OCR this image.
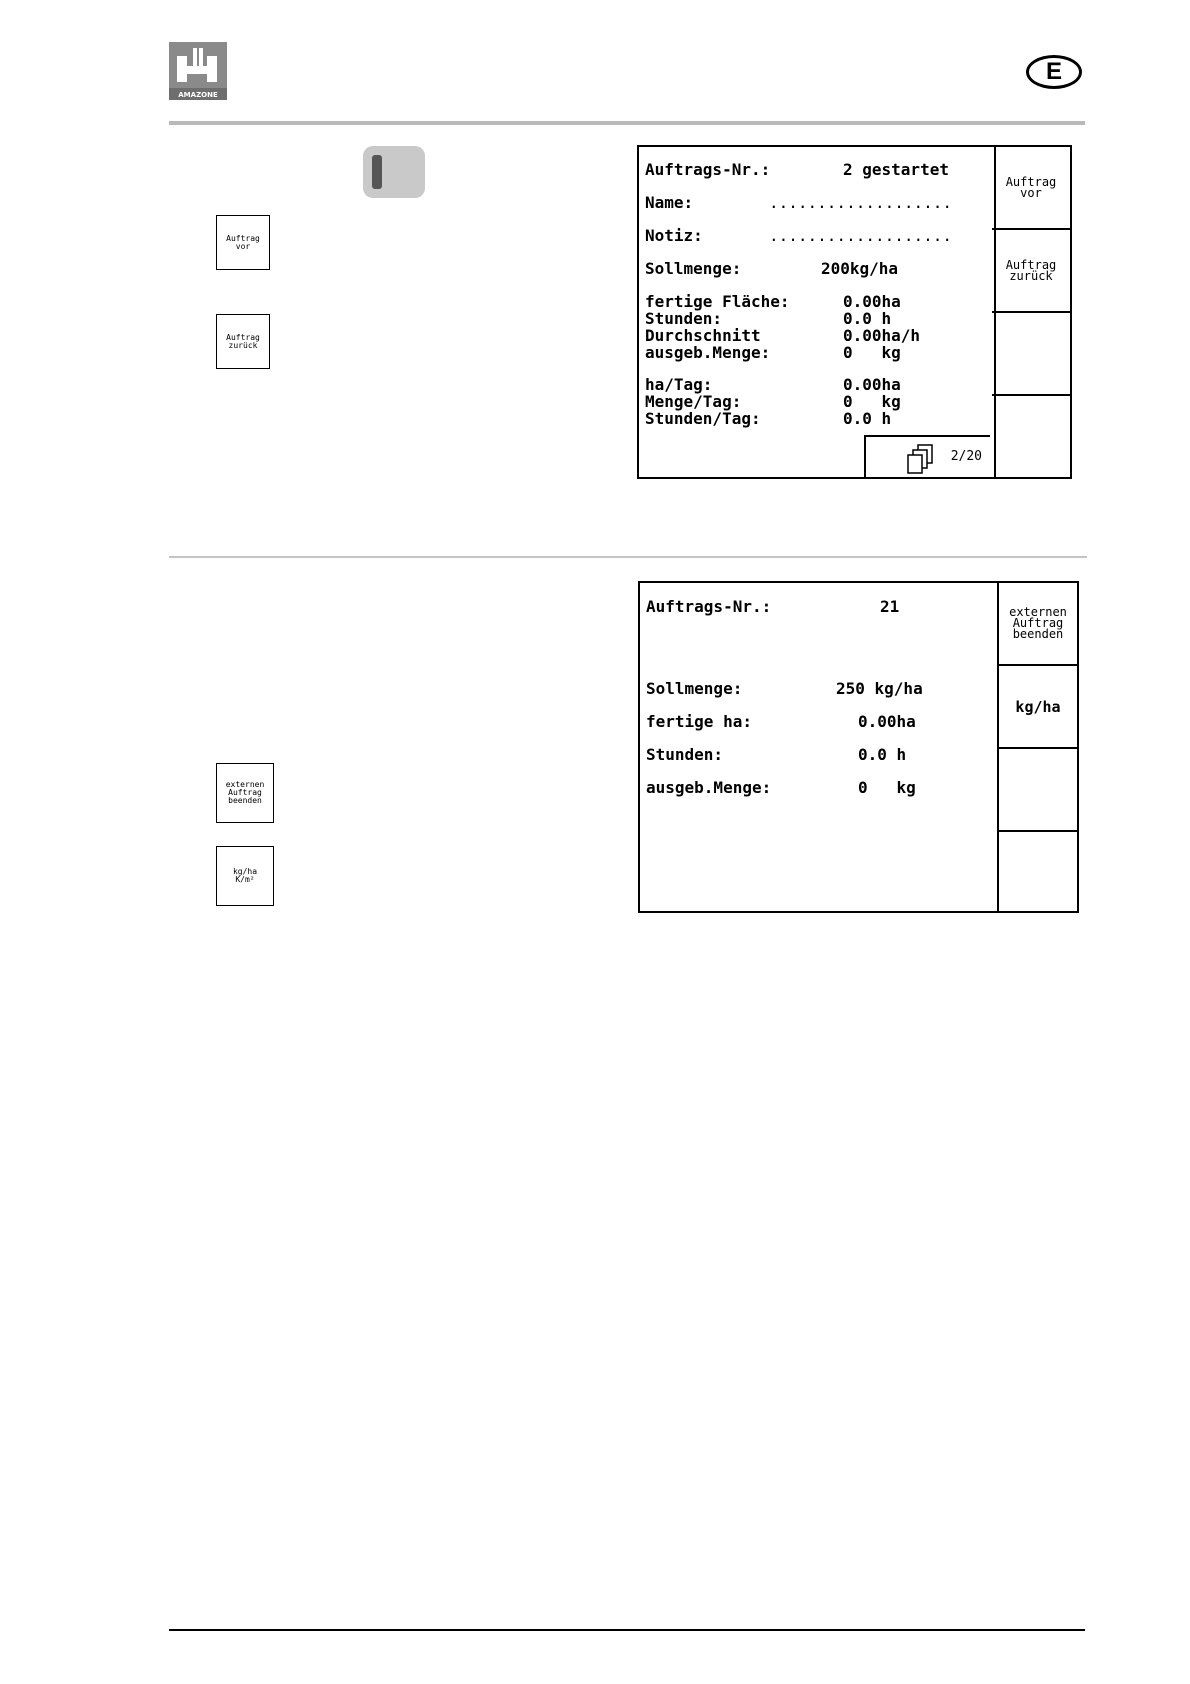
AMAZONE
E
Auftrag
vor
Auftrag
zurück
Auftrags-Nr.:	2 gestartet
Name:	...................
Notiz:	...................
Sollmenge:	200kg/ha
fertige Fläche:	0.00ha
Stunden:	0.0 h
Durchschnitt	0.00ha/h
ausgeb.Menge:	0   kg
ha/Tag:	0.00ha
Menge/Tag:	0   kg
Stunden/Tag:	0.0 h
2/20
Auftrag
vor
Auftrag
zurück
externen
Auftrag
beenden
kg/ha
K/m²
Auftrags-Nr.:	21
Sollmenge:	250 kg/ha
fertige ha:	0.00ha
Stunden:	0.0 h
ausgeb.Menge:	0   kg
externen
Auftrag
beenden
kg/ha
